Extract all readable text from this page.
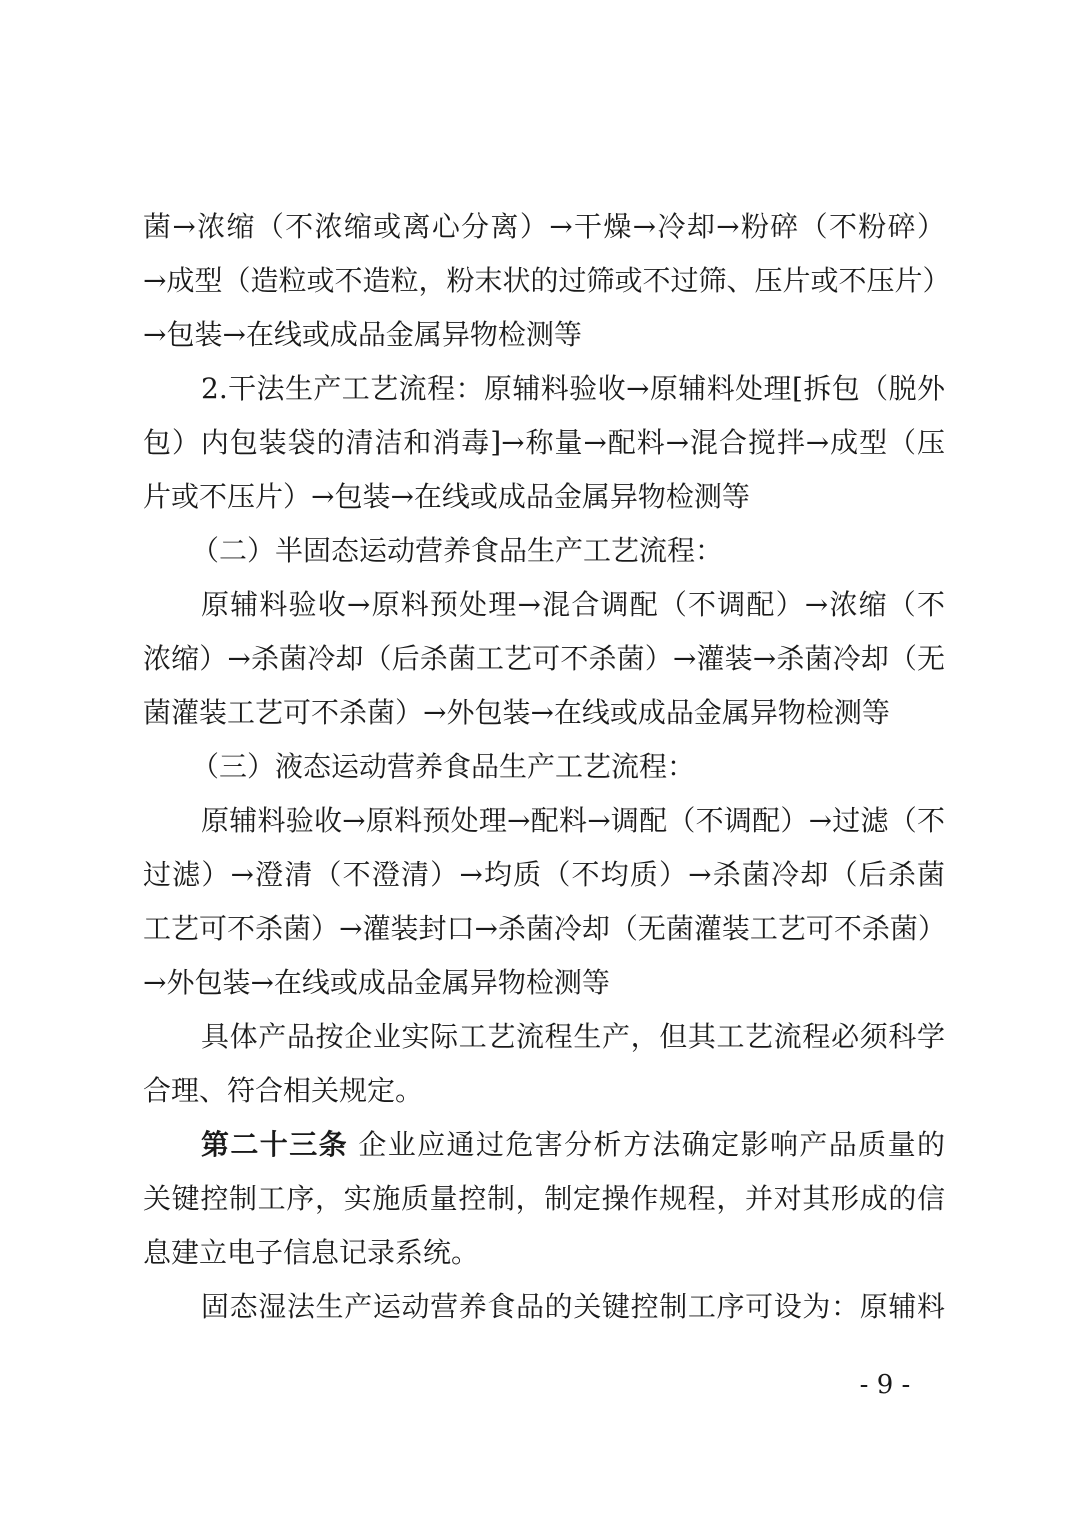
菌→浓缩（不浓缩或离心分离）→干燥→冷却→粉碎（不粉碎）
→成型（造粒或不造粒，粉末状的过筛或不过筛、压片或不压片）
→包装→在线或成品金属异物检测等
2.干法生产工艺流程：原辅料验收→原辅料处理[拆包（脱外
包）内包装袋的清洁和消毒]→称量→配料→混合搅拌→成型（压
片或不压片）→包装→在线或成品金属异物检测等
（二）半固态运动营养食品生产工艺流程：
原辅料验收→原料预处理→混合调配（不调配）→浓缩（不
浓缩）→杀菌冷却（后杀菌工艺可不杀菌）→灌装→杀菌冷却（无
菌灌装工艺可不杀菌）→外包装→在线或成品金属异物检测等
（三）液态运动营养食品生产工艺流程：
原辅料验收→原料预处理→配料→调配（不调配）→过滤（不
过滤）→澄清（不澄清）→均质（不均质）→杀菌冷却（后杀菌
工艺可不杀菌）→灌装封口→杀菌冷却（无菌灌装工艺可不杀菌）
→外包装→在线或成品金属异物检测等
具体产品按企业实际工艺流程生产，但其工艺流程必须科学
合理、符合相关规定。
第二十三条 企业应通过危害分析方法确定影响产品质量的
关键控制工序，实施质量控制，制定操作规程，并对其形成的信
息建立电子信息记录系统。
固态湿法生产运动营养食品的关键控制工序可设为：原辅料
- 9 -
